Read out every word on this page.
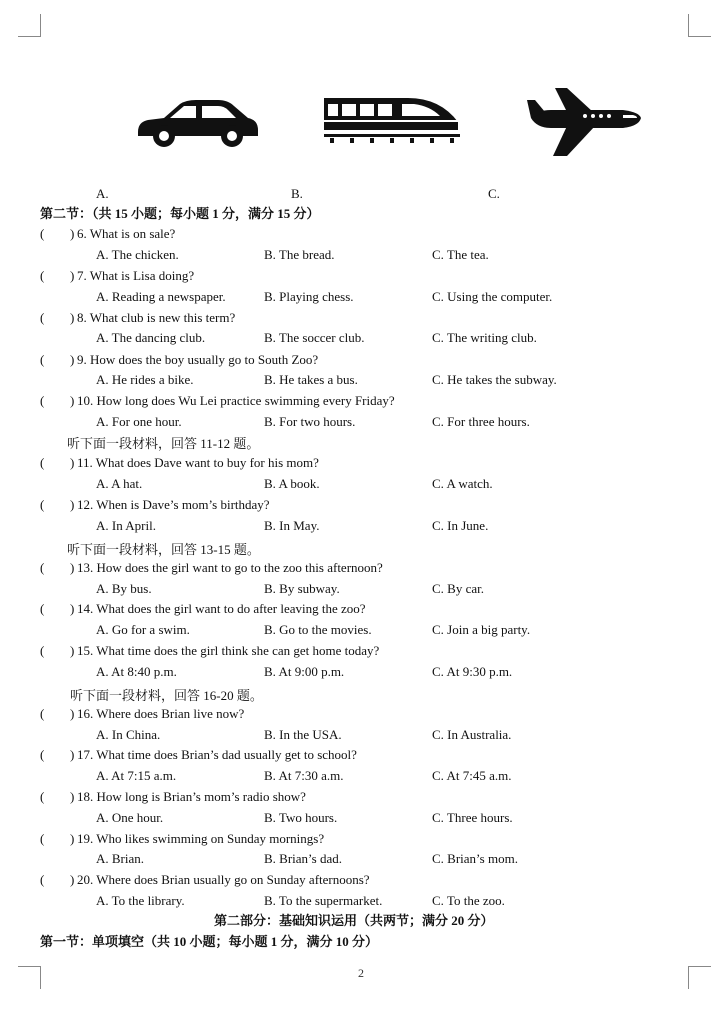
A.	B.	C.
第二节：（共 15 小题；每小题 1 分，满分 15 分）
( ) 6. What is on sale?
A. The chicken.	B. The bread.	C. The tea.
( ) 7. What is Lisa doing?
A. Reading a newspaper.	B. Playing chess.	C. Using the computer.
( ) 8. What club is new this term?
A. The dancing club.	B. The soccer club.	C. The writing club.
( ) 9. How does the boy usually go to South Zoo?
A. He rides a bike.	B. He takes a bus.	C. He takes the subway.
( ) 10. How long does Wu Lei practice swimming every Friday?
A. For one hour.	B. For two hours.	C. For three hours.
( ) 11. What does Dave want to buy for his mom?
A. A hat.	B. A book.	C. A watch.
( ) 12. When is Dave’s mom’s birthday?
A. In April.	B. In May.	C. In June.
( ) 13. How does the girl want to go to the zoo this afternoon?
A. By bus.	B. By subway.	C. By car.
( ) 14. What does the girl want to do after leaving the zoo?
A. Go for a swim.	B. Go to the movies.	C. Join a big party.
( ) 15. What time does the girl think she can get home today?
A. At 8:40 p.m.	B. At 9:00 p.m.	C. At 9:30 p.m.
( ) 16. Where does Brian live now?
A. In China.	B. In the USA.	C. In Australia.
( ) 17. What time does Brian’s dad usually get to school?
A. At 7:15 a.m.	B. At 7:30 a.m.	C. At 7:45 a.m.
( ) 18. How long is Brian’s mom’s radio show?
A. One hour.	B. Two hours.	C. Three hours.
( ) 19. Who likes swimming on Sunday mornings?
A. Brian.	B. Brian’s dad.	C. Brian’s mom.
( ) 20. Where does Brian usually go on Sunday afternoons?
A. To the library.	B. To the supermarket.	C. To the zoo.
听下面一段材料，回答 11-12 题。
听下面一段材料，回答 13-15 题。
听下面一段材料，回答 16-20 题。
第二部分：基础知识运用（共两节；满分 20 分）
第一节：单项填空（共 10 小题；每小题 1 分，满分 10 分）
2
